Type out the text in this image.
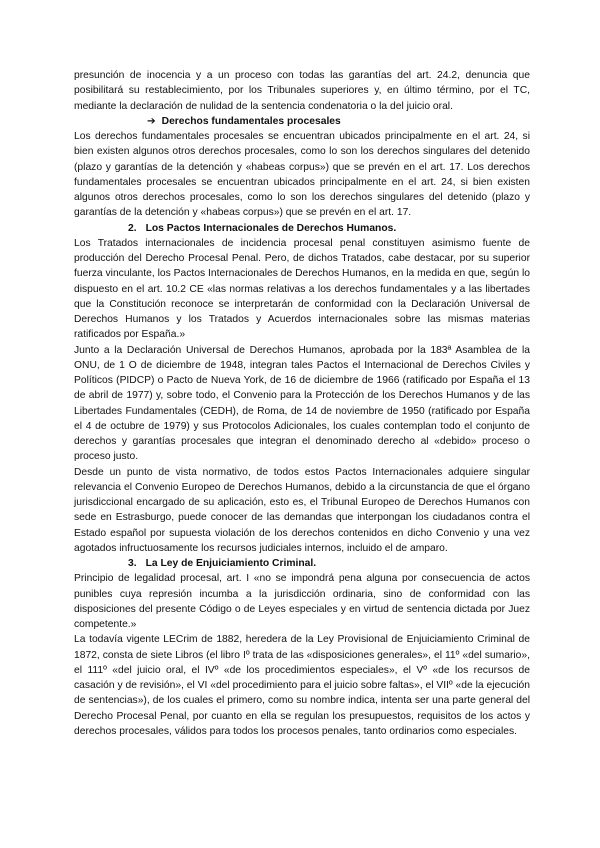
presunción de inocencia y a un proceso con todas las garantías del art. 24.2, denuncia que posibilitará su restablecimiento, por los Tribunales superiores y, en último término, por el TC, mediante la declaración de nulidad de la sentencia condenatoria o la del juicio oral.

➔ Derechos fundamentales procesales

Los derechos fundamentales procesales se encuentran ubicados principalmente en el art. 24, si bien existen algunos otros derechos procesales, como lo son los derechos singulares del detenido (plazo y garantías de la detención y «habeas corpus») que se prevén en el art. 17. Los derechos fundamentales procesales se encuentran ubicados principalmente en el art. 24, si bien existen algunos otros derechos procesales, como lo son los derechos singulares del detenido (plazo y garantías de la detención y «habeas corpus») que se prevén en el art. 17.

2. Los Pactos Internacionales de Derechos Humanos.

Los Tratados internacionales de incidencia procesal penal constituyen asimismo fuente de producción del Derecho Procesal Penal. Pero, de dichos Tratados, cabe destacar, por su superior fuerza vinculante, los Pactos Internacionales de Derechos Humanos, en la medida en que, según lo dispuesto en el art. 10.2 CE «las normas relativas a los derechos fundamentales y a las libertades que la Constitución reconoce se interpretarán de conformidad con la Declaración Universal de Derechos Humanos y los Tratados y Acuerdos internacionales sobre las mismas materias ratificados por España.»

Junto a la Declaración Universal de Derechos Humanos, aprobada por la 183ª Asamblea de la ONU, de 1 O de diciembre de 1948, integran tales Pactos el Internacional de Derechos Civiles y Políticos (PIDCP) o Pacto de Nueva York, de 16 de diciembre de 1966 (ratificado por España el 13 de abril de 1977) y, sobre todo, el Convenio para la Protección de los Derechos Humanos y de las Libertades Fundamentales (CEDH), de Roma, de 14 de noviembre de 1950 (ratificado por España el 4 de octubre de 1979) y sus Protocolos Adicionales, los cuales contemplan todo el conjunto de derechos y garantías procesales que integran el denominado derecho al «debido» proceso o proceso justo.

Desde un punto de vista normativo, de todos estos Pactos Internacionales adquiere singular relevancia el Convenio Europeo de Derechos Humanos, debido a la circunstancia de que el órgano jurisdiccional encargado de su aplicación, esto es, el Tribunal Europeo de Derechos Humanos con sede en Estrasburgo, puede conocer de las demandas que interpongan los ciudadanos contra el Estado español por supuesta violación de los derechos contenidos en dicho Convenio y una vez agotados infructuosamente los recursos judiciales internos, incluido el de amparo.

3. La Ley de Enjuiciamiento Criminal.

Principio de legalidad procesal, art. I «no se impondrá pena alguna por consecuencia de actos punibles cuya represión incumba a la jurisdicción ordinaria, sino de conformidad con las disposiciones del presente Código o de Leyes especiales y en virtud de sentencia dictada por Juez competente.»

La todavía vigente LECrim de 1882, heredera de la Ley Provisional de Enjuiciamiento Criminal de 1872, consta de siete Libros (el libro Iº trata de las «disposiciones generales», el 11º «del sumario», el 111º «del juicio oral, el IVº «de los procedimientos especiales», el Vº «de los recursos de casación y de revisión», el VI «del procedimiento para el juicio sobre faltas», el VIIº «de la ejecución de sentencias»), de los cuales el primero, como su nombre indica, intenta ser una parte general del Derecho Procesal Penal, por cuanto en ella se regulan los presupuestos, requisitos de los actos y derechos procesales, válidos para todos los procesos penales, tanto ordinarios como especiales.
